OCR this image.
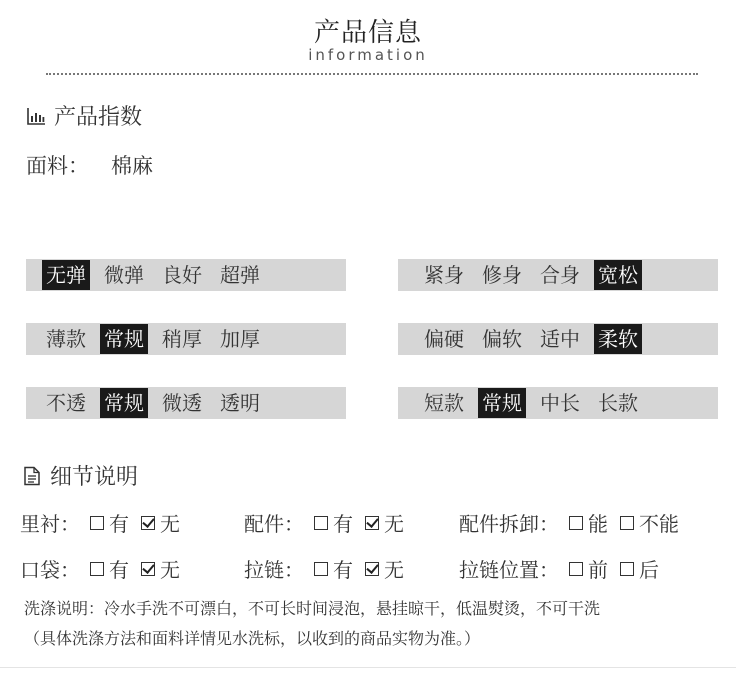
产品信息
information
产品指数
面料： 棉麻
无弹 微弹 良好 超弹	紧身 修身 合身 宽松
薄款 常规 稍厚 加厚	偏硬 偏软 适中 柔软
不透 常规 微透 透明	短款 常规 中长 长款
细节说明
里衬： 有 无	配件： 有 无	配件拆卸： 能 不能
口袋： 有 无	拉链： 有 无	拉链位置： 前 后
洗涤说明：冷水手洗不可漂白，不可长时间浸泡，悬挂晾干，低温熨烫，不可干洗
（具体洗涤方法和面料详情见水洗标，以收到的商品实物为准。）
